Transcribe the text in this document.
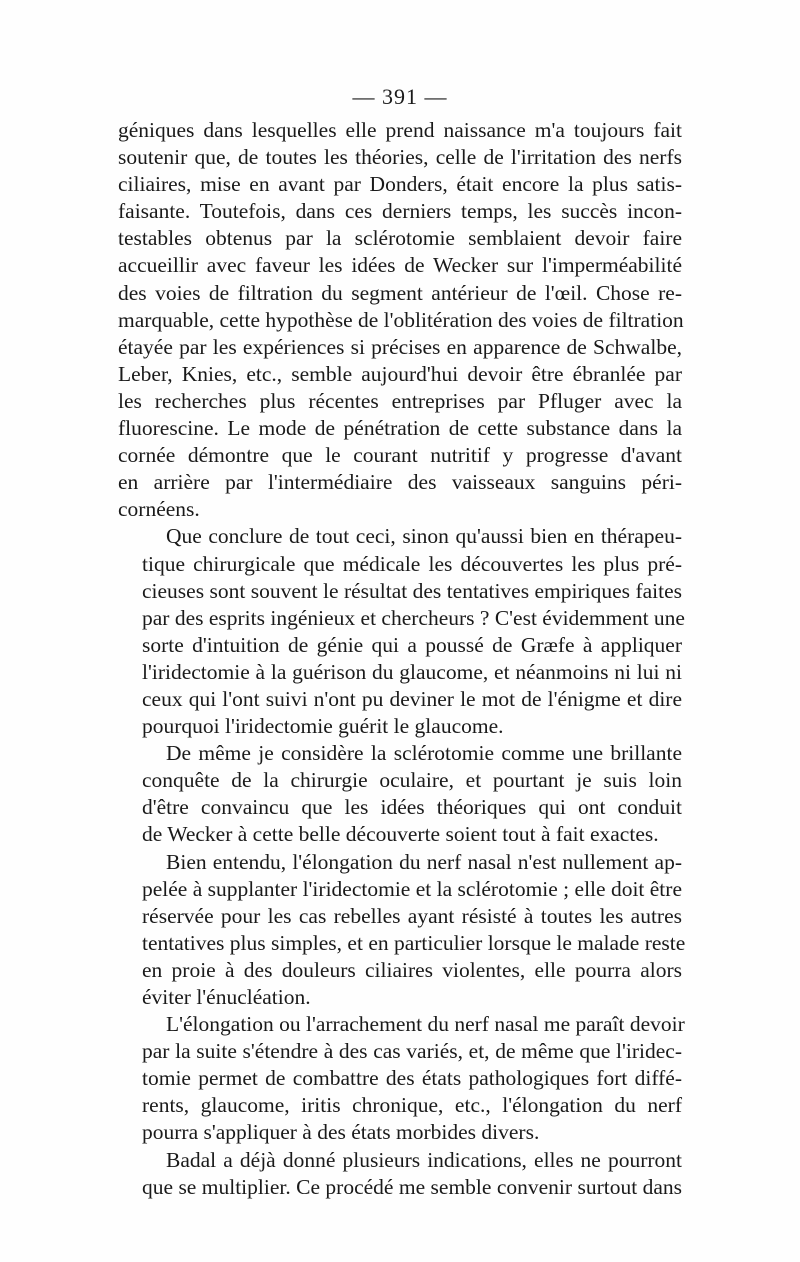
— 391 —
géniques dans lesquelles elle prend naissance m'a toujours fait
soutenir que, de toutes les théories, celle de l'irritation des nerfs
ciliaires, mise en avant par Donders, était encore la plus satis-
faisante. Toutefois, dans ces derniers temps, les succès incon-
testables obtenus par la sclérotomie semblaient devoir faire
accueillir avec faveur les idées de Wecker sur l'imperméabilité
des voies de filtration du segment antérieur de l'œil. Chose re-
marquable, cette hypothèse de l'oblitération des voies de filtration
étayée par les expériences si précises en apparence de Schwalbe,
Leber, Knies, etc., semble aujourd'hui devoir être ébranlée par
les recherches plus récentes entreprises par Pfluger avec la
fluorescine. Le mode de pénétration de cette substance dans la
cornée démontre que le courant nutritif y progresse d'avant
en arrière par l'intermédiaire des vaisseaux sanguins péri-
cornéens.
Que conclure de tout ceci, sinon qu'aussi bien en thérapeu-
tique chirurgicale que médicale les découvertes les plus pré-
cieuses sont souvent le résultat des tentatives empiriques faites
par des esprits ingénieux et chercheurs ? C'est évidemment une
sorte d'intuition de génie qui a poussé de Græfe à appliquer
l'iridectomie à la guérison du glaucome, et néanmoins ni lui ni
ceux qui l'ont suivi n'ont pu deviner le mot de l'énigme et dire
pourquoi l'iridectomie guérit le glaucome.
De même je considère la sclérotomie comme une brillante
conquête de la chirurgie oculaire, et pourtant je suis loin
d'être convaincu que les idées théoriques qui ont conduit
de Wecker à cette belle découverte soient tout à fait exactes.
Bien entendu, l'élongation du nerf nasal n'est nullement ap-
pelée à supplanter l'iridectomie et la sclérotomie ; elle doit être
réservée pour les cas rebelles ayant résisté à toutes les autres
tentatives plus simples, et en particulier lorsque le malade reste
en proie à des douleurs ciliaires violentes, elle pourra alors
éviter l'énucléation.
L'élongation ou l'arrachement du nerf nasal me paraît devoir
par la suite s'étendre à des cas variés, et, de même que l'iridec-
tomie permet de combattre des états pathologiques fort diffé-
rents, glaucome, iritis chronique, etc., l'élongation du nerf
pourra s'appliquer à des états morbides divers.
Badal a déjà donné plusieurs indications, elles ne pourront
que se multiplier. Ce procédé me semble convenir surtout dans
